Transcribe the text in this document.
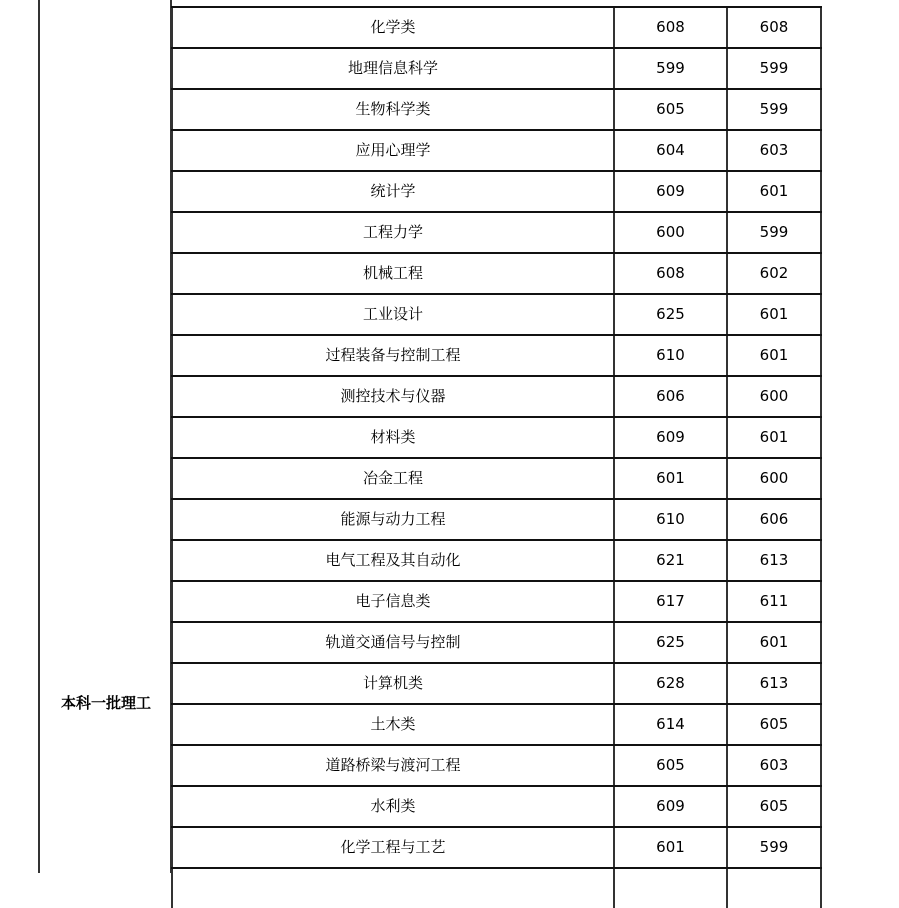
本科一批理工
化学类	608	608
地理信息科学	599	599
生物科学类	605	599
应用心理学	604	603
统计学	609	601
工程力学	600	599
机械工程	608	602
工业设计	625	601
过程装备与控制工程	610	601
测控技术与仪器	606	600
材料类	609	601
冶金工程	601	600
能源与动力工程	610	606
电气工程及其自动化	621	613
电子信息类	617	611
轨道交通信号与控制	625	601
计算机类	628	613
土木类	614	605
道路桥梁与渡河工程	605	603
水利类	609	605
化学工程与工艺	601	599
